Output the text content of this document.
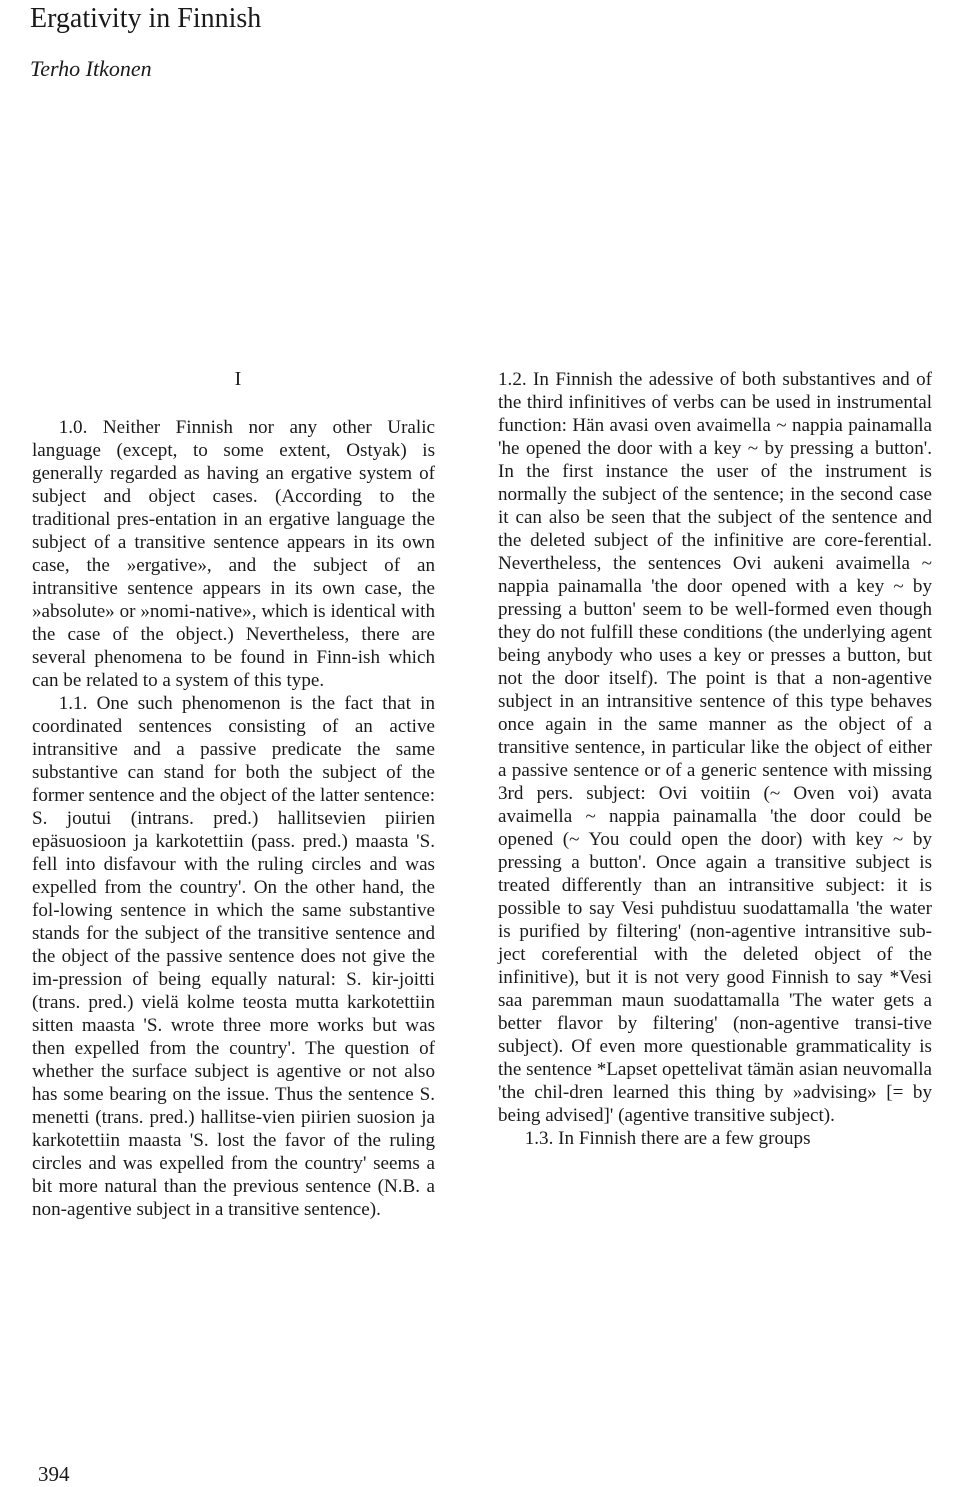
Ergativity in Finnish
Terho Itkonen
I

1.0. Neither Finnish nor any other Uralic language (except, to some extent, Ostyak) is generally regarded as having an ergative system of subject and object cases. (According to the traditional pres-entation in an ergative language the subject of a transitive sentence appears in its own case, the »ergative», and the subject of an intransitive sentence appears in its own case, the »absolute» or »nomi-native», which is identical with the case of the object.) Nevertheless, there are several phenomena to be found in Finn-ish which can be related to a system of this type.

1.1. One such phenomenon is the fact that in coordinated sentences consisting of an active intransitive and a passive predicate the same substantive can stand for both the subject of the former sentence and the object of the latter sentence: S. joutui (intrans. pred.) hallitsevien piirien epäsuosioon ja karkotettiin (pass. pred.) maasta 'S. fell into disfavour with the ruling circles and was expelled from the country'. On the other hand, the fol-lowing sentence in which the same substantive stands for the subject of the transitive sentence and the object of the passive sentence does not give the im-pression of being equally natural: S. kir-joitti (trans. pred.) vielä kolme teosta mutta karkotettiin sitten maasta 'S. wrote three more works but was then expelled from the country'. The question of whether the surface subject is agentive or not also has some bearing on the issue. Thus the sentence S. menetti (trans. pred.) hallitse-vien piirien suosion ja karkotettiin maasta 'S. lost the favor of the ruling circles and was expelled from the country' seems a bit more natural than the previous sentence (N.B. a non-agentive subject in a transitive sentence).

1.2. In Finnish the adessive of both substantives and of the third infinitives of verbs can be used in instrumental function: Hän avasi oven avaimella ~ nappia painamalla 'he opened the door with a key ~ by pressing a button'. In the first instance the user of the instrument is normally the subject of the sentence; in the second case it can also be seen that the subject of the sentence and the deleted subject of the infinitive are core-ferential. Nevertheless, the sentences Ovi aukeni avaimella ~ nappia painamalla 'the door opened with a key ~ by pressing a button' seem to be well-formed even though they do not fulfill these conditions (the underlying agent being anybody who uses a key or presses a button, but not the door itself). The point is that a non-agentive subject in an intransitive sentence of this type behaves once again in the same manner as the object of a transitive sentence, in particular like the object of either a passive sentence or of a generic sentence with missing 3rd pers. subject: Ovi voitiin (~ Oven voi) avata avaimella ~ nappia painamalla 'the door could be opened (~ You could open the door) with key ~ by pressing a button'. Once again a transitive subject is treated differently than an intransitive subject: it is possible to say Vesi puhdistuu suodattamalla 'the water is purified by filtering' (non-agentive intransitive sub-ject coreferential with the deleted object of the infinitive), but it is not very good Finnish to say *Vesi saa paremman maun suodattamalla 'The water gets a better flavor by filtering' (non-agentive transi-tive subject). Of even more questionable grammaticality is the sentence *Lapset opettelivat tämän asian neuvomalla 'the chil-dren learned this thing by »advising» [= by being advised]' (agentive transitive subject).

1.3. In Finnish there are a few groups

394
